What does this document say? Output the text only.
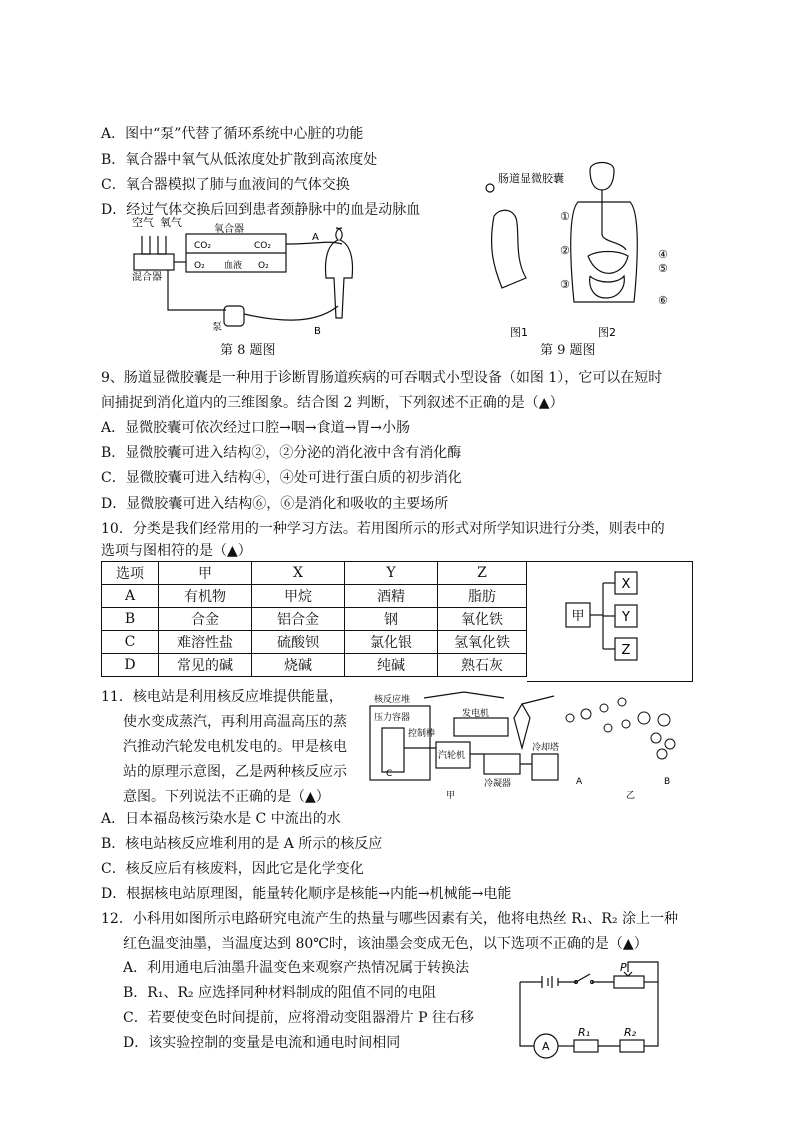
A．图中“泵”代替了循环系统中心脏的功能
B．氧合器中氧气从低浓度处扩散到高浓度处
C．氧合器模拟了肺与血液间的气体交换
D．经过气体交换后回到患者颈静脉中的血是动脉血
空气 氧气
混合器
氧合器
CO₂	CO₂
O₂ 血液 O₂
A
B
泵
第 8 题图
肠道显微胶囊
①
②
③
④
⑤
⑥
图1	图2
第 9 题图
9、肠道显微胶囊是一种用于诊断胃肠道疾病的可吞咽式小型设备（如图 1），它可以在短时
间捕捉到消化道内的三维图象。结合图 2 判断，下列叙述不正确的是（▲）
A．显微胶囊可依次经过口腔→咽→食道→胃→小肠
B．显微胶囊可进入结构②，②分泌的消化液中含有消化酶
C．显微胶囊可进入结构④，④处可进行蛋白质的初步消化
D．显微胶囊可进入结构⑥，⑥是消化和吸收的主要场所
10．分类是我们经常用的一种学习方法。若用图所示的形式对所学知识进行分类，则表中的
选项与图相符的是（▲）
选项	甲	X	Y	Z
A	有机物	甲烷	酒精	脂肪
B	合金	铝合金	钢	氧化铁
C	难溶性盐	硫酸钡	氯化银	氢氧化铁
D	常见的碱	烧碱	纯碱	熟石灰
甲
X
Y
Z
11．核电站是利用核反应堆提供能量，
使水变成蒸汽，再利用高温高压的蒸
汽推动汽轮发电机发电的。甲是核电
站的原理示意图，乙是两种核反应示
意图。下列说法不正确的是（▲）
核反应堆
压力容器
控制棒
发电机
汽轮机
冷凝器
冷却塔
C
甲	乙
A	B
A．日本福岛核污染水是 C 中流出的水
B．核电站核反应堆利用的是 A 所示的核反应
C．核反应后有核废料，因此它是化学变化
D．根据核电站原理图，能量转化顺序是核能→内能→机械能→电能
12．小科用如图所示电路研究电流产生的热量与哪些因素有关，他将电热丝 R₁、R₂ 涂上一种
红色温变油墨，当温度达到 80℃时，该油墨会变成无色，以下选项不正确的是（▲）
A．利用通电后油墨升温变色来观察产热情况属于转换法
B．R₁、R₂ 应选择同种材料制成的阻值不同的电阻
C．若要使变色时间提前，应将滑动变阻器滑片 P 往右移
D．该实验控制的变量是电流和通电时间相同
P
R₁	R₂
A
